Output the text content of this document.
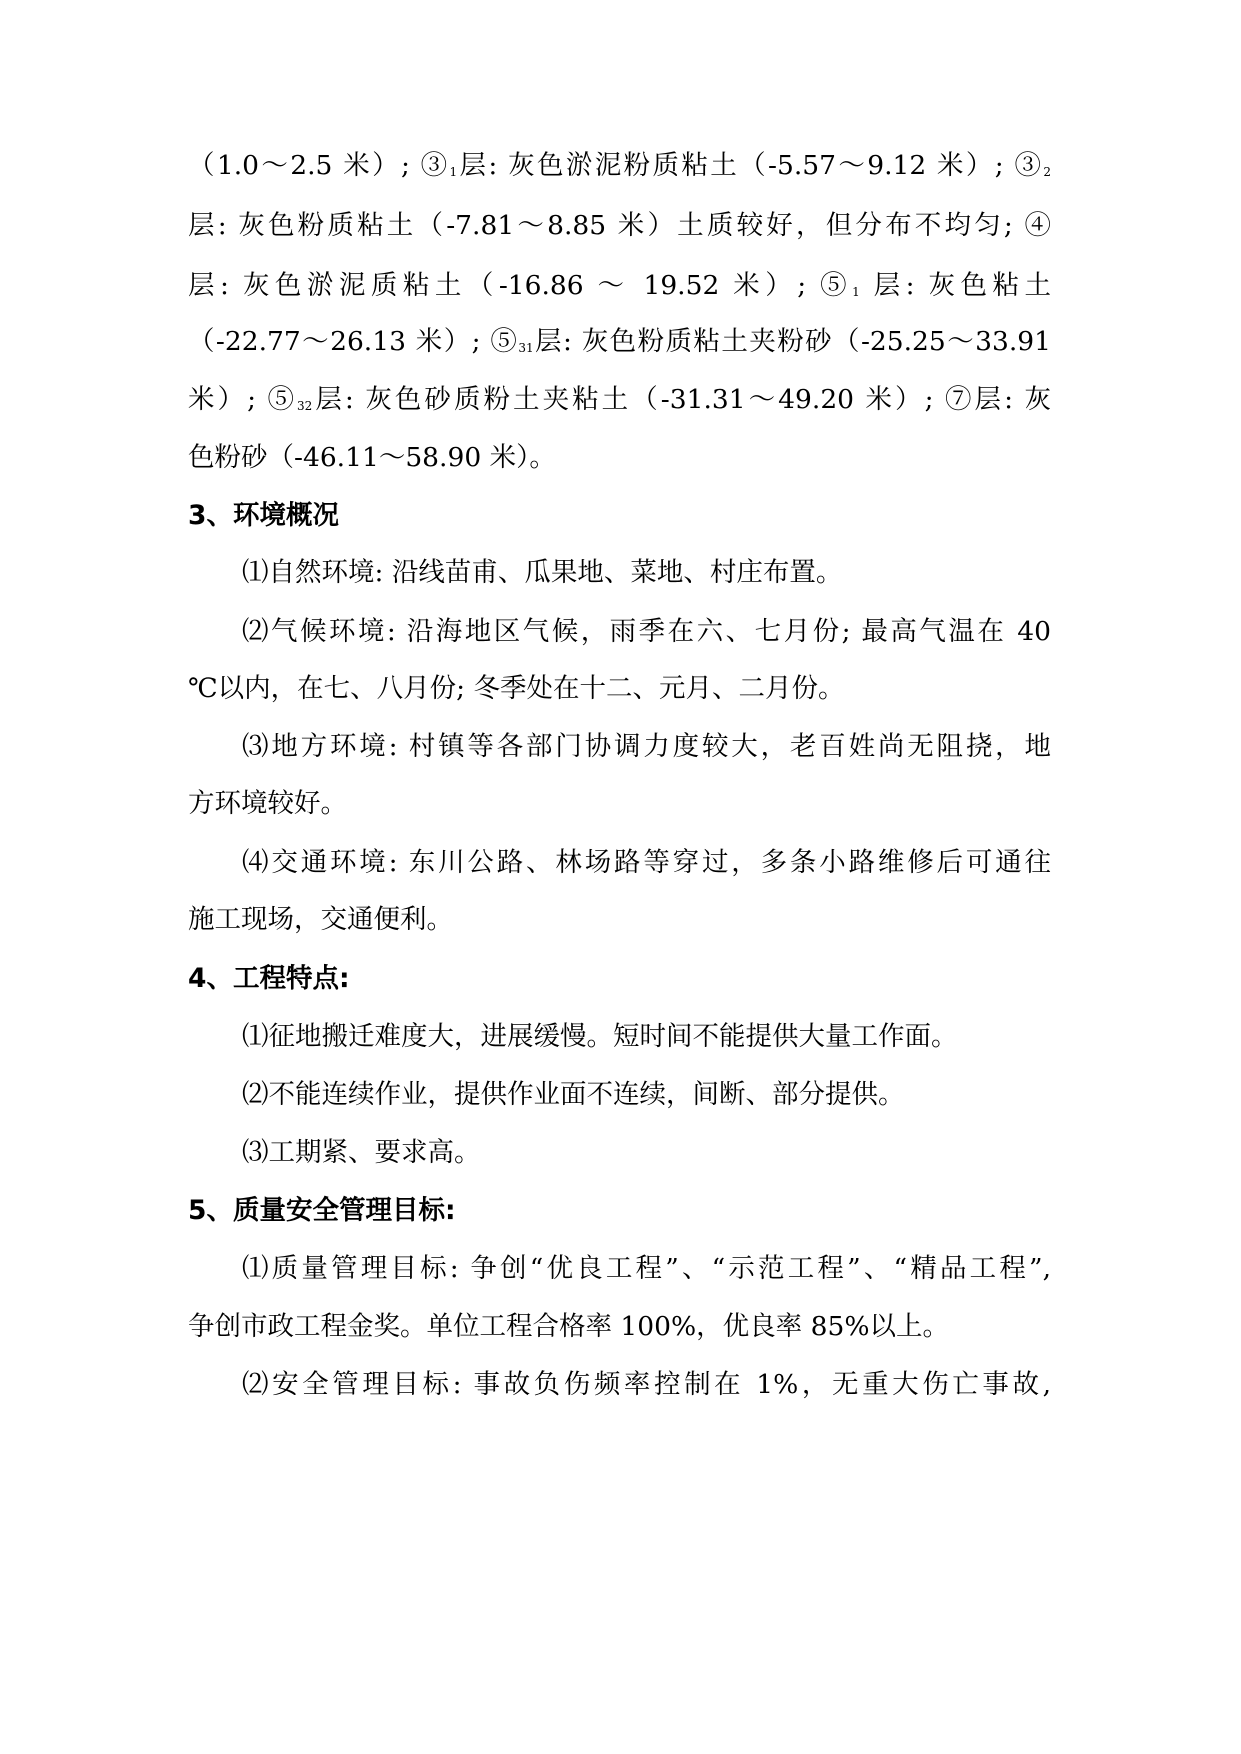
（1.0～2.5 米）; $③_1$层: 灰色淤泥粉质粘土（-5.57～9.12 米）; $③_2$
层: 灰色粉质粘土（-7.81～8.85 米）土质较好，但分布不均匀; ④
层: 灰色淤泥质粘土（-16.86 ～ 19.52 米）; $⑤_1$ 层: 灰色粘土
（-22.77～26.13 米）; $⑤_{31}$层: 灰色粉质粘土夹粉砂（-25.25～33.91
米）; $⑤_{32}$层: 灰色砂质粉土夹粘土（-31.31～49.20 米）; ⑦层: 灰
色粉砂（-46.11～58.90 米）。
3、环境概况
⑴自然环境: 沿线苗甫、瓜果地、菜地、村庄布置。
⑵气候环境: 沿海地区气候，雨季在六、七月份; 最高气温在 40
℃以内，在七、八月份; 冬季处在十二、元月、二月份。
⑶地方环境: 村镇等各部门协调力度较大，老百姓尚无阻挠，地
方环境较好。
⑷交通环境: 东川公路、林场路等穿过，多条小路维修后可通往
施工现场，交通便利。
4、工程特点:
⑴征地搬迁难度大，进展缓慢。短时间不能提供大量工作面。
⑵不能连续作业，提供作业面不连续，间断、部分提供。
⑶工期紧、要求高。
5、质量安全管理目标:
⑴质量管理目标: 争创“优良工程”、“示范工程”、“精品工程”,
争创市政工程金奖。单位工程合格率 100%，优良率 85%以上。
⑵安全管理目标: 事故负伤频率控制在 1%，无重大伤亡事故,
